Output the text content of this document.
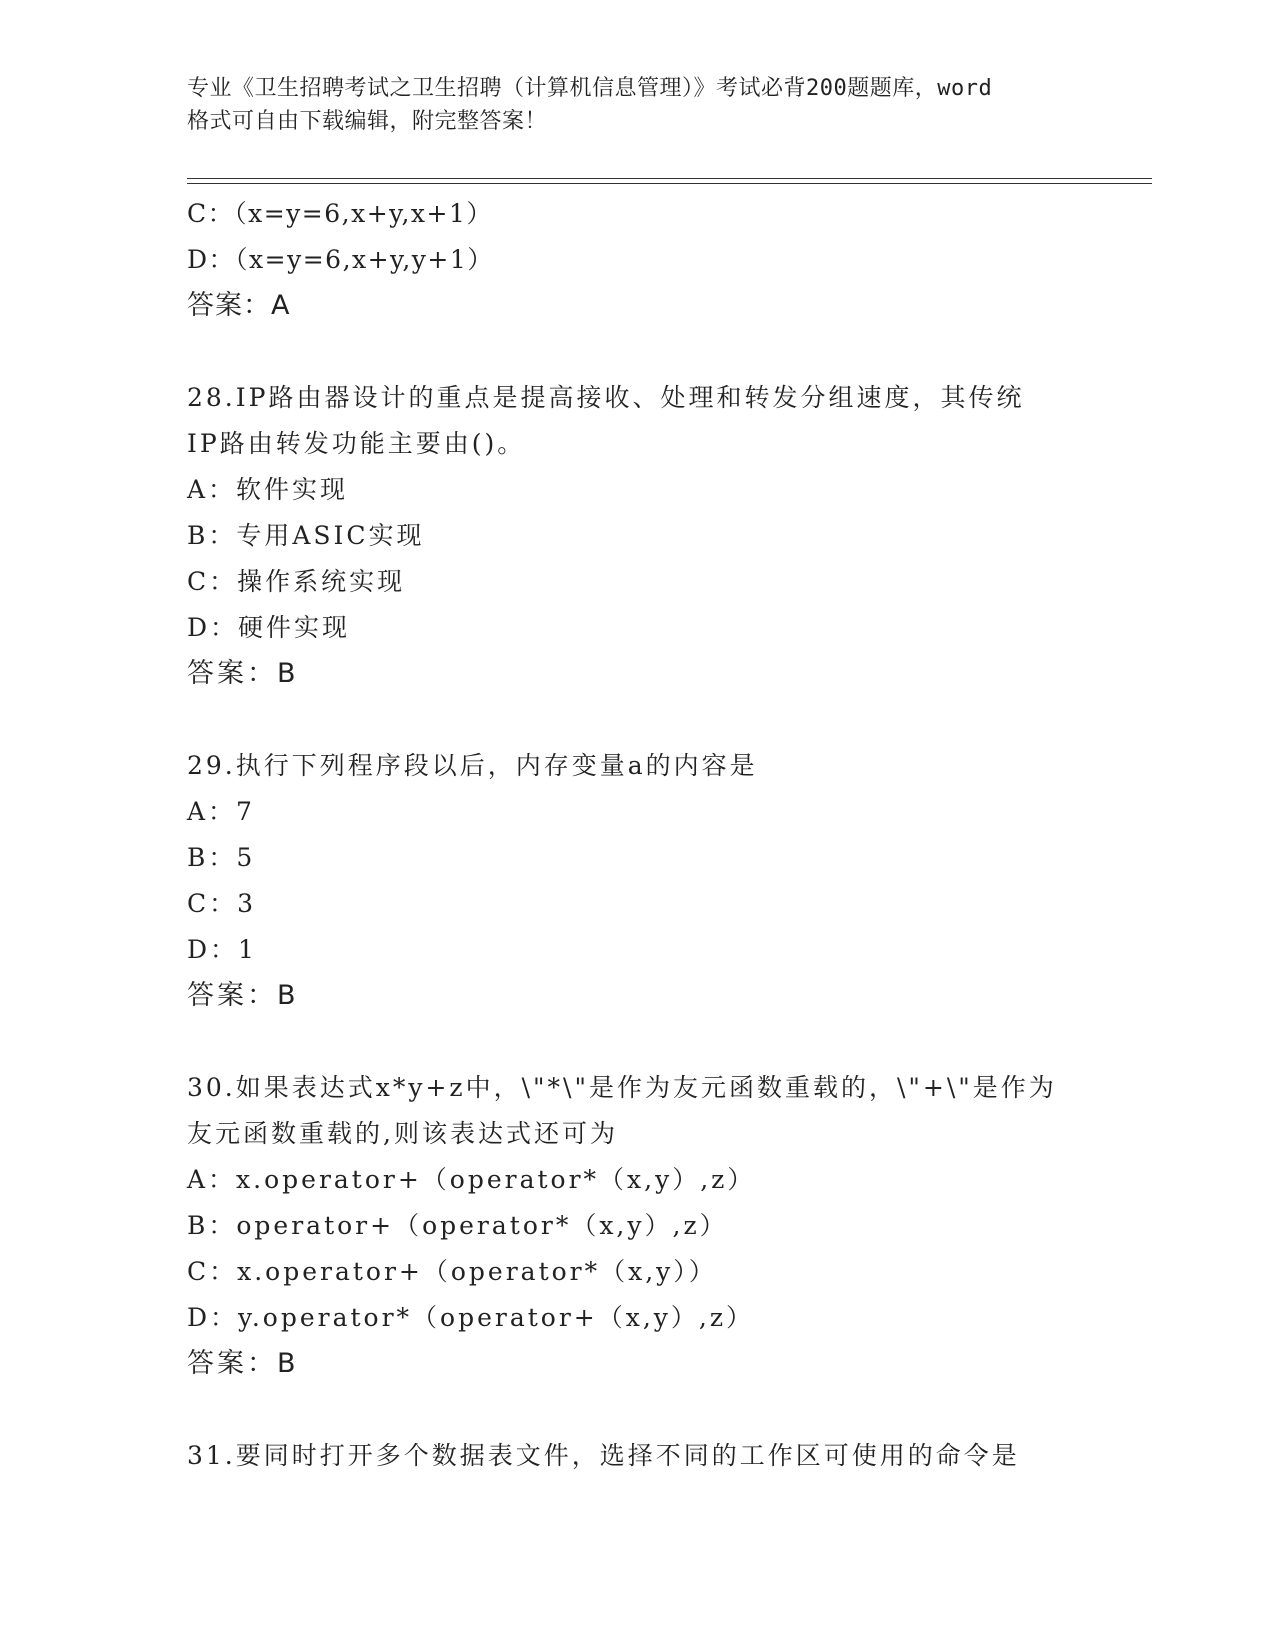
专业《卫生招聘考试之卫生招聘（计算机信息管理）》考试必背200题题库，word
格式可自由下载编辑，附完整答案！
C：（x=y=6,x+y,x+1）
D：（x=y=6,x+y,y+1）
答案：A
28.IP路由器设计的重点是提高接收、处理和转发分组速度，其传统
IP路由转发功能主要由()。
A：软件实现
B：专用ASIC实现
C：操作系统实现
D：硬件实现
答案：B
29.执行下列程序段以后，内存变量a的内容是
A：7
B：5
C：3
D：1
答案：B
30.如果表达式x*y+z中，\"*\"是作为友元函数重载的，\"+\"是作为
友元函数重载的,则该表达式还可为
A：x.operator+（operator*（x,y）,z）
B：operator+（operator*（x,y）,z）
C：x.operator+（operator*（x,y））
D：y.operator*（operator+（x,y）,z）
答案：B
31.要同时打开多个数据表文件，选择不同的工作区可使用的命令是
